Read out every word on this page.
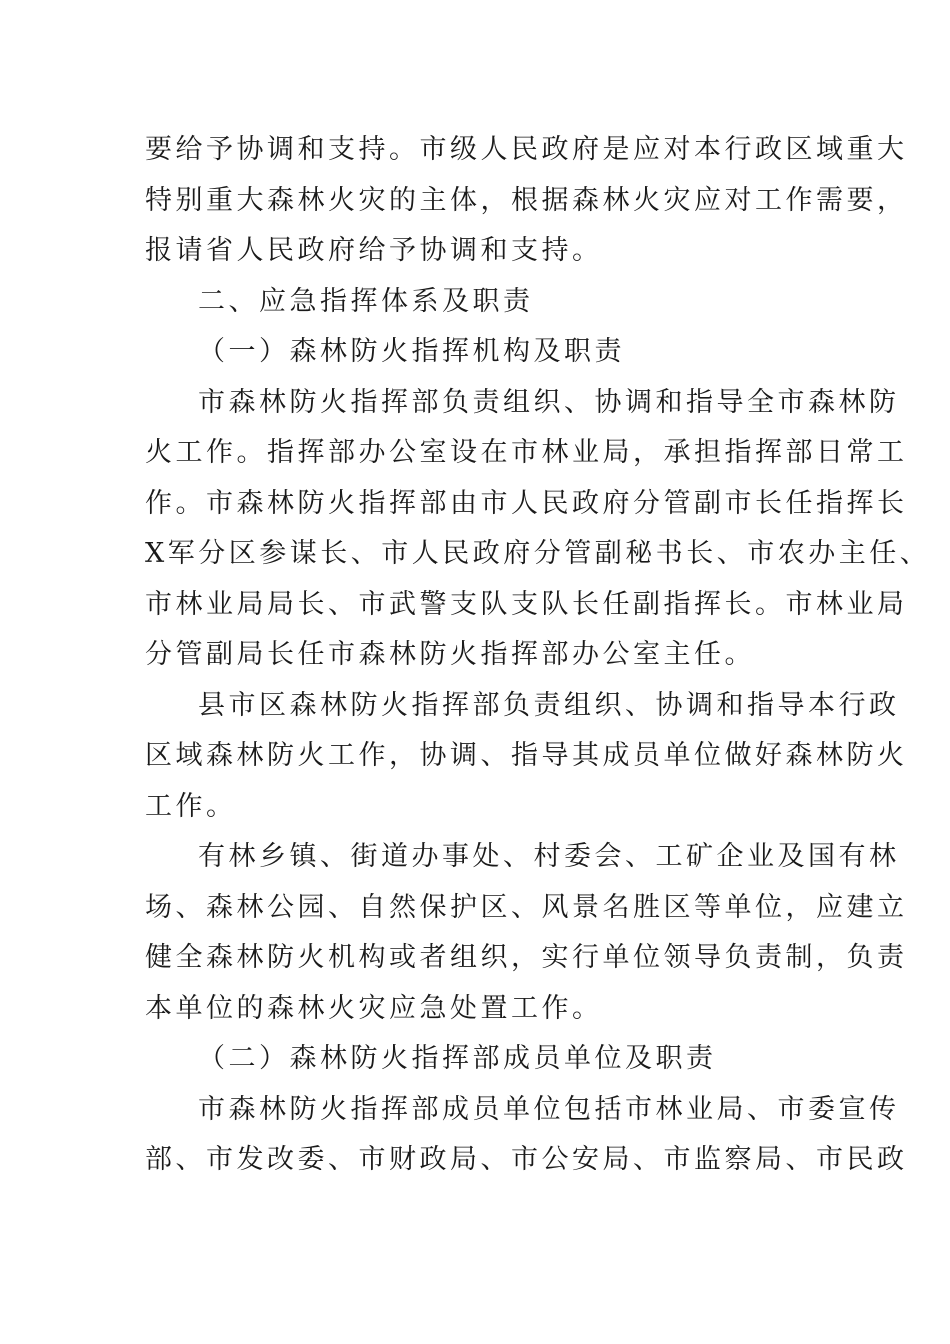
要给予协调和支持。市级人民政府是应对本行政区域重大
特别重大森林火灾的主体，根据森林火灾应对工作需要，
报请省人民政府给予协调和支持。
二、应急指挥体系及职责
（一）森林防火指挥机构及职责
市森林防火指挥部负责组织、协调和指导全市森林防
火工作。指挥部办公室设在市林业局，承担指挥部日常工
作。市森林防火指挥部由市人民政府分管副市长任指挥长
X军分区参谋长、市人民政府分管副秘书长、市农办主任、
市林业局局长、市武警支队支队长任副指挥长。市林业局
分管副局长任市森林防火指挥部办公室主任。
县市区森林防火指挥部负责组织、协调和指导本行政
区域森林防火工作，协调、指导其成员单位做好森林防火
工作。
有林乡镇、街道办事处、村委会、工矿企业及国有林
场、森林公园、自然保护区、风景名胜区等单位，应建立
健全森林防火机构或者组织，实行单位领导负责制，负责
本单位的森林火灾应急处置工作。
（二）森林防火指挥部成员单位及职责
市森林防火指挥部成员单位包括市林业局、市委宣传
部、市发改委、市财政局、市公安局、市监察局、市民政
